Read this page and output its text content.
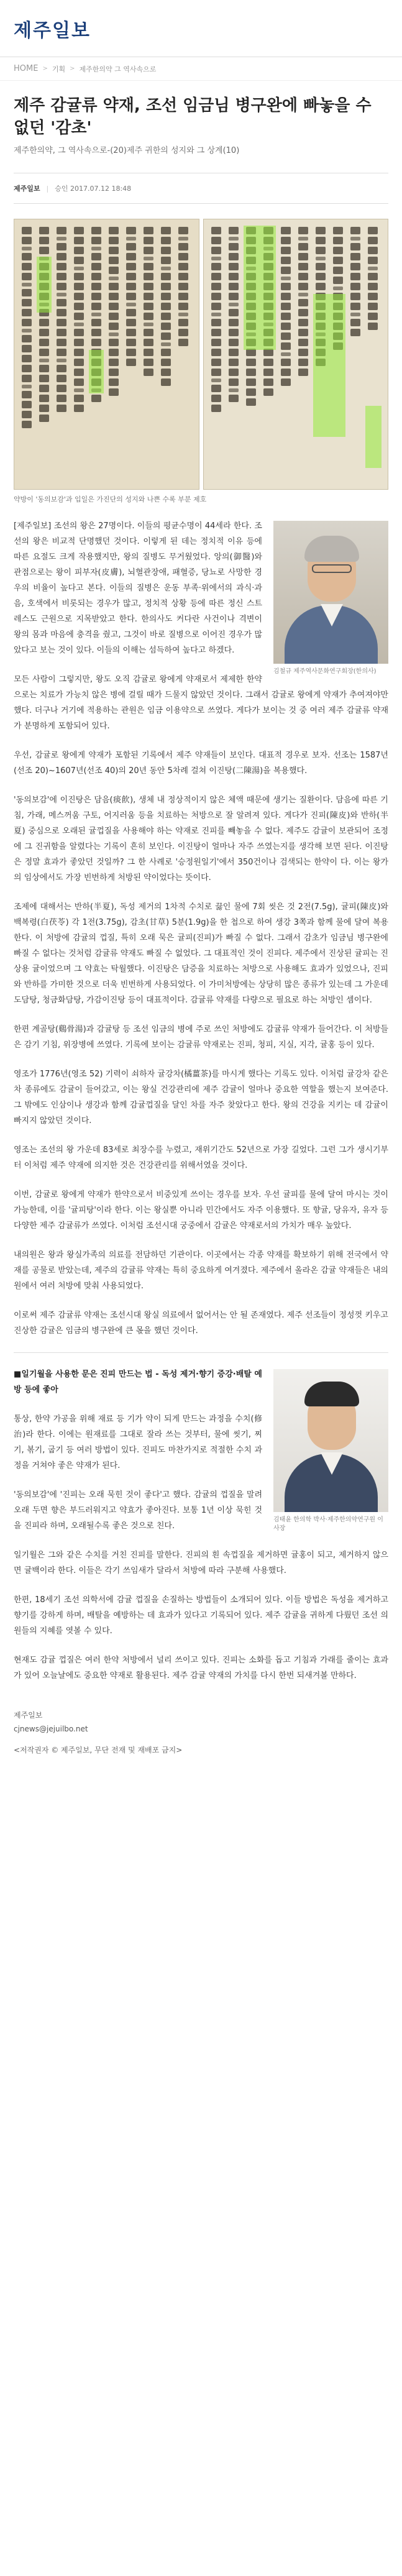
제주일보
HOME > 기획 > 제주한의약 그 역사속으로
제주 감귤류 약재, 조선 임금님 병구완에 빠놓을 수 없던 '감초'
제주한의약, 그 역사속으로-(20)제주 귀한의 성지와 그 상계(10)
제주일보 | 승인 2017.07.12 18:48
약방이 '동의보감'과 입일은 가진단의 성지와 나쁜 수록 부분 제호
김철규 제주역사문화연구회장(한의사)

[제주일보] 조선의 왕은 27명이다. 이들의 평균수명이 44세라 한다. 조선의 왕은 비교적 단명했던 것이다. 이렇게 된 데는 정치적 이유 등에 따른 요절도 크게 작용했지만, 왕의 질병도 무거웠었다. 앙의(御醫)와 관점으로는 왕이 피부자(皮膚), 뇌혈관장애, 패혈증, 당뇨로 사망한 경우의 비율이 높다고 본다. 이들의 질병은 운동 부족·위에서의 과식·과음, 호색에서 비롯되는 경우가 많고, 정치적 상황 등에 따른 정신 스트레스도 근원으로 지목받았고 한다. 한의사도 커다란 사건이나 격변이 왕의 몸과 마음에 충격을 줬고, 그것이 바로 질병으로 이어진 경우가 많았다고 보는 것이 있다. 이들의 이해는 섬득하여 높다고 하겠다.

모든 사람이 그렇지만, 왕도 오직 감귤로 왕에게 약재로서 제제한 한약으로는 치료가 가능치 않은 병에 걸릴 때가 드물지 않았던 것이다. 그래서 감귤로 왕에게 약재가 추여져야만 했다. 더구나 거기에 적용하는 관원은 임금 이용약으로 쓰였다. 게다가 보이는 것 중 여러 제주 감귤류 약재가 분명하게 포함되어 있다.

우선, 감귤로 왕에게 약재가 포함된 기록에서 제주 약재들이 보인다. 대표적 경우로 보자. 선조는 1587년(선조 20)~1607년(선조 40)의 20년 동안 5차례 걸쳐 이진탕(二陳湯)을 복용했다.

'동의보감'에 이진탕은 담음(痰飮), 생체 내 정상적이지 않은 체액 때문에 생기는 질환이다. 담음에 따른 기침, 가래, 메스꺼움 구토, 어지러움 등을 치료하는 처방으로 잘 알려져 있다. 게다가 진피(陳皮)와 반하(半夏) 중심으로 오래된 귤껍질을 사용해야 하는 약재로 진피를 빼놓을 수 없다. 제주도 감귤이 보관되어 조정에 그 진귀함을 알렸다는 기록이 흔히 보인다. 이진탕이 얼마나 자주 쓰였는지를 생각해 보면 된다. 이진탕은 정말 효과가 좋았던 것일까? 그 한 사례로 '승정원일기'에서 350건이나 검색되는 한약이 다. 이는 왕가의 임상에서도 가장 빈번하게 처방된 약이었다는 뜻이다.

조제에 대해서는 반하(半夏), 독성 제거의 1차적 수치로 끓인 물에 7회 씻은 것 2전(7.5g), 귤피(陳皮)와 백복령(白茯苓) 각 1전(3.75g), 감초(甘草) 5분(1.9g)을 한 첩으로 하여 생강 3쪽과 함께 물에 달여 복용한다. 이 처방에 감귤의 껍질, 특히 오래 묵은 귤피(진피)가 빠질 수 없다. 그래서 감초가 임금님 병구완에 빠질 수 없다는 것처럼 감귤류 약재도 빠질 수 없었다. 그 대표적인 것이 진피다. 제주에서 진상된 귤피는 진상용 귤이었으며 그 약효는 탁월했다. 이진탕은 담증을 치료하는 처방으로 사용해도 효과가 있었으나, 진피와 반하를 가미한 것으로 더욱 빈번하게 사용되었다. 이 가미처방에는 상당히 많은 종류가 있는데 그 가운데 도담탕, 청금화담탕, 가감이진탕 등이 대표적이다. 감귤류 약재를 다량으로 필요로 하는 처방인 셈이다.

한편 계골탕(鷄骨湯)과 감귤탕 등 조선 임금의 병에 주로 쓰인 처방에도 감귤류 약재가 들어간다. 이 처방들은 감기 기침, 위장병에 쓰였다. 기록에 보이는 감귤류 약재로는 진피, 청피, 지실, 지각, 귤홍 등이 있다.

영조가 1776년(영조 52) 기력이 쇠하자 귤강차(橘薑茶)를 마시게 했다는 기록도 있다. 이처럼 귤강차 같은 차 종류에도 감귤이 들어갔고, 이는 왕실 건강관리에 제주 감귤이 얼마나 중요한 역할을 했는지 보여준다. 그 밖에도 인삼이나 생강과 함께 감귤껍질을 달인 차를 자주 찾았다고 한다. 왕의 건강을 지키는 데 감귤이 빠지지 않았던 것이다.

영조는 조선의 왕 가운데 83세로 최장수를 누렸고, 재위기간도 52년으로 가장 길었다. 그런 그가 생시기부터 이처럼 제주 약재에 의지한 것은 건강관리를 위해서였을 것이다.

이번, 감귤로 왕에게 약재가 한약으로서 비중있게 쓰이는 경우를 보자. 우선 귤피를 물에 달여 마시는 것이 가능한데, 이를 '귤피탕'이라 한다. 이는 왕실뿐 아니라 민간에서도 자주 이용했다. 또 향귤, 당유자, 유자 등 다양한 제주 감귤류가 쓰였다. 이처럼 조선시대 궁중에서 감귤은 약재로서의 가치가 매우 높았다.

내의원은 왕과 왕실가족의 의료를 전담하던 기관이다. 이곳에서는 각종 약재를 확보하기 위해 전국에서 약재를 공물로 받았는데, 제주의 감귤류 약재는 특히 중요하게 여겨졌다. 제주에서 올라온 감귤 약재들은 내의원에서 여러 처방에 맞춰 사용되었다.

이로써 제주 감귤류 약재는 조선시대 왕실 의료에서 없어서는 안 될 존재였다. 제주 선조들이 정성껏 키우고 진상한 감귤은 임금의 병구완에 큰 몫을 했던 것이다.

김태윤 한의학 박사·제주한의약연구원 이사장

■일기월을 사용한 문은 진피 만드는 법 - 독성 제거·향기 증강·배탈 예방 등에 좋아

통상, 한약 가공을 위해 재료 등 기가 약이 되게 만드는 과정을 수치(修治)라 한다. 이에는 원재료를 그대로 잘라 쓰는 것부터, 물에 씻기, 찌기, 볶기, 굽기 등 여러 방법이 있다. 진피도 마찬가지로 적절한 수치 과정을 거쳐야 좋은 약재가 된다.

'동의보감'에 '진피는 오래 묵힌 것이 좋다'고 했다. 감귤의 껍질을 말려 오래 두면 향은 부드러워지고 약효가 좋아진다. 보통 1년 이상 묵힌 것을 진피라 하며, 오래될수록 좋은 것으로 친다.

일기월은 그와 같은 수치를 거친 진피를 말한다. 진피의 흰 속껍질을 제거하면 귤홍이 되고, 제거하지 않으면 귤백이라 한다. 이들은 각기 쓰임새가 달라서 처방에 따라 구분해 사용했다.

한편, 18세기 조선 의학서에 감귤 껍질을 손질하는 방법들이 소개되어 있다. 이들 방법은 독성을 제거하고 향기를 강하게 하며, 배탈을 예방하는 데 효과가 있다고 기록되어 있다. 제주 감귤을 귀하게 다뤘던 조선 의원들의 지혜를 엿볼 수 있다.

현재도 감귤 껍질은 여러 한약 처방에서 널리 쓰이고 있다. 진피는 소화를 돕고 기침과 가래를 줄이는 효과가 있어 오늘날에도 중요한 약재로 활용된다. 제주 감귤 약재의 가치를 다시 한번 되새겨볼 만하다.

제주일보
cjnews@jejuilbo.net
<저작권자 © 제주일보, 무단 전재 및 재배포 금지>
